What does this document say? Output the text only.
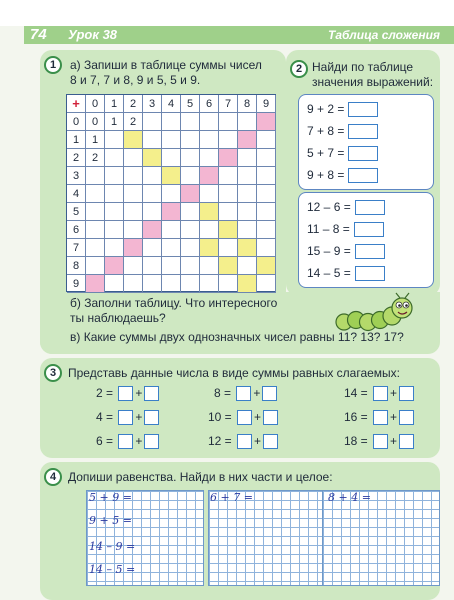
74 Урок 38	Таблица сложения
1	а) Запиши в таблице суммы чисел
8 и 7, 7 и 8, 9 и 5, 5 и 9.
+	0	1	2	3	4	5	6	7	8	9
0	0	1	2
1	1
2	2
3
4
5
6
7
8
9
б) Заполни таблицу. Что интересного
ты наблюдаешь?
в) Какие суммы двух однозначных чисел равны 11? 13? 17?
2 Найди по таблице
значения выражений:
9 + 2 =
7 + 8 =
5 + 7 =
9 + 8 =
12 – 6 =
11 – 8 =
15 – 9 =
14 – 5 =
3 Представь данные числа в виде суммы равных слагаемых:
2 = +
4 = +
6 = +
8 = +
10 = +
12 = +
14 = +
16 = +
18 = +
4 Допиши равенства. Найди в них части и целое:
5 + 9 =
9 + 5 =
14 – 9 =
14 – 5 =
6 + 7 =	8 + 4 =
